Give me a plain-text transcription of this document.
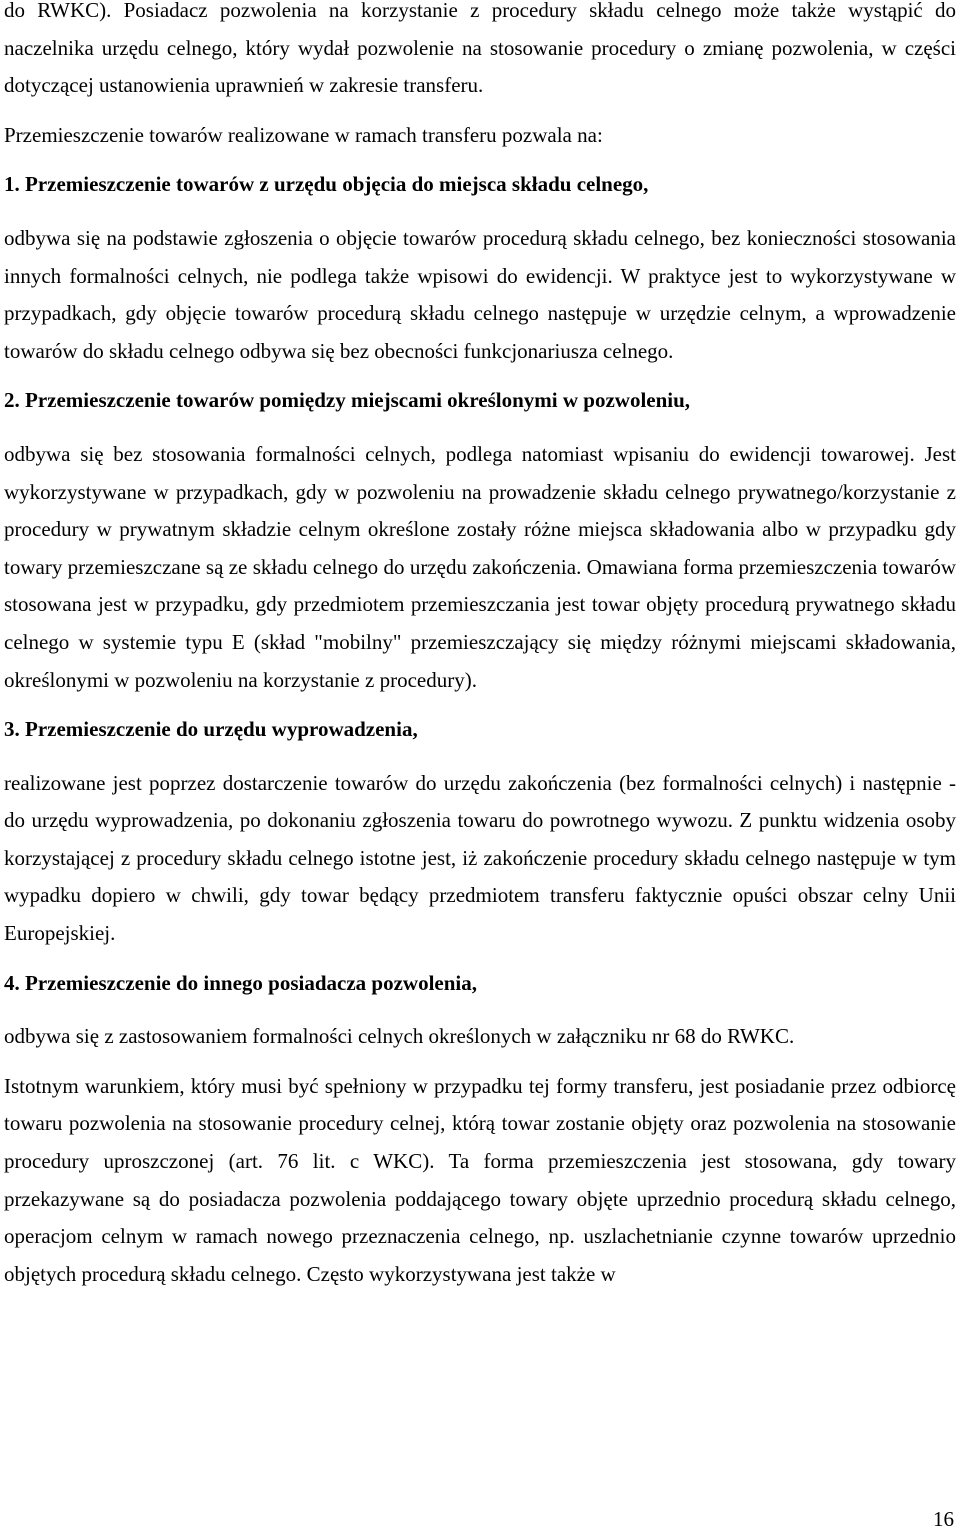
do RWKC). Posiadacz pozwolenia na korzystanie z procedury składu celnego może także wystąpić do naczelnika urzędu celnego, który wydał pozwolenie na stosowanie procedury o zmianę pozwolenia, w części dotyczącej ustanowienia uprawnień w zakresie transferu.

Przemieszczenie towarów realizowane w ramach transferu pozwala na:

1. Przemieszczenie towarów z urzędu objęcia do miejsca składu celnego,

odbywa się na podstawie zgłoszenia o objęcie towarów procedurą składu celnego, bez konieczności stosowania innych formalności celnych, nie podlega także wpisowi do ewidencji. W praktyce jest to wykorzystywane w przypadkach, gdy objęcie towarów procedurą składu celnego następuje w urzędzie celnym, a wprowadzenie towarów do składu celnego odbywa się bez obecności funkcjonariusza celnego.

2. Przemieszczenie towarów pomiędzy miejscami określonymi w pozwoleniu,

odbywa się bez stosowania formalności celnych, podlega natomiast wpisaniu do ewidencji towarowej. Jest wykorzystywane w przypadkach, gdy w pozwoleniu na prowadzenie składu celnego prywatnego/korzystanie z procedury w prywatnym składzie celnym określone zostały różne miejsca składowania albo w przypadku gdy towary przemieszczane są ze składu celnego do urzędu zakończenia. Omawiana forma przemieszczenia towarów stosowana jest w przypadku, gdy przedmiotem przemieszczania jest towar objęty procedurą prywatnego składu celnego w systemie typu E (skład "mobilny" przemieszczający się między różnymi miejscami składowania, określonymi w pozwoleniu na korzystanie z procedury).

3. Przemieszczenie do urzędu wyprowadzenia,

realizowane jest poprzez dostarczenie towarów do urzędu zakończenia (bez formalności celnych) i następnie - do urzędu wyprowadzenia, po dokonaniu zgłoszenia towaru do powrotnego wywozu. Z punktu widzenia osoby korzystającej z procedury składu celnego istotne jest, iż zakończenie procedury składu celnego następuje w tym wypadku dopiero w chwili, gdy towar będący przedmiotem transferu faktycznie opuści obszar celny Unii Europejskiej.

4. Przemieszczenie do innego posiadacza pozwolenia,

odbywa się z zastosowaniem formalności celnych określonych w załączniku nr 68 do RWKC.

Istotnym warunkiem, który musi być spełniony w przypadku tej formy transferu, jest posiadanie przez odbiorcę towaru pozwolenia na stosowanie procedury celnej, którą towar zostanie objęty oraz pozwolenia na stosowanie procedury uproszczonej (art. 76 lit. c WKC). Ta forma przemieszczenia jest stosowana, gdy towary przekazywane są do posiadacza pozwolenia poddającego towary objęte uprzednio procedurą składu celnego, operacjom celnym w ramach nowego przeznaczenia celnego, np. uszlachetnianie czynne towarów uprzednio objętych procedurą składu celnego. Często wykorzystywana jest także w

16
